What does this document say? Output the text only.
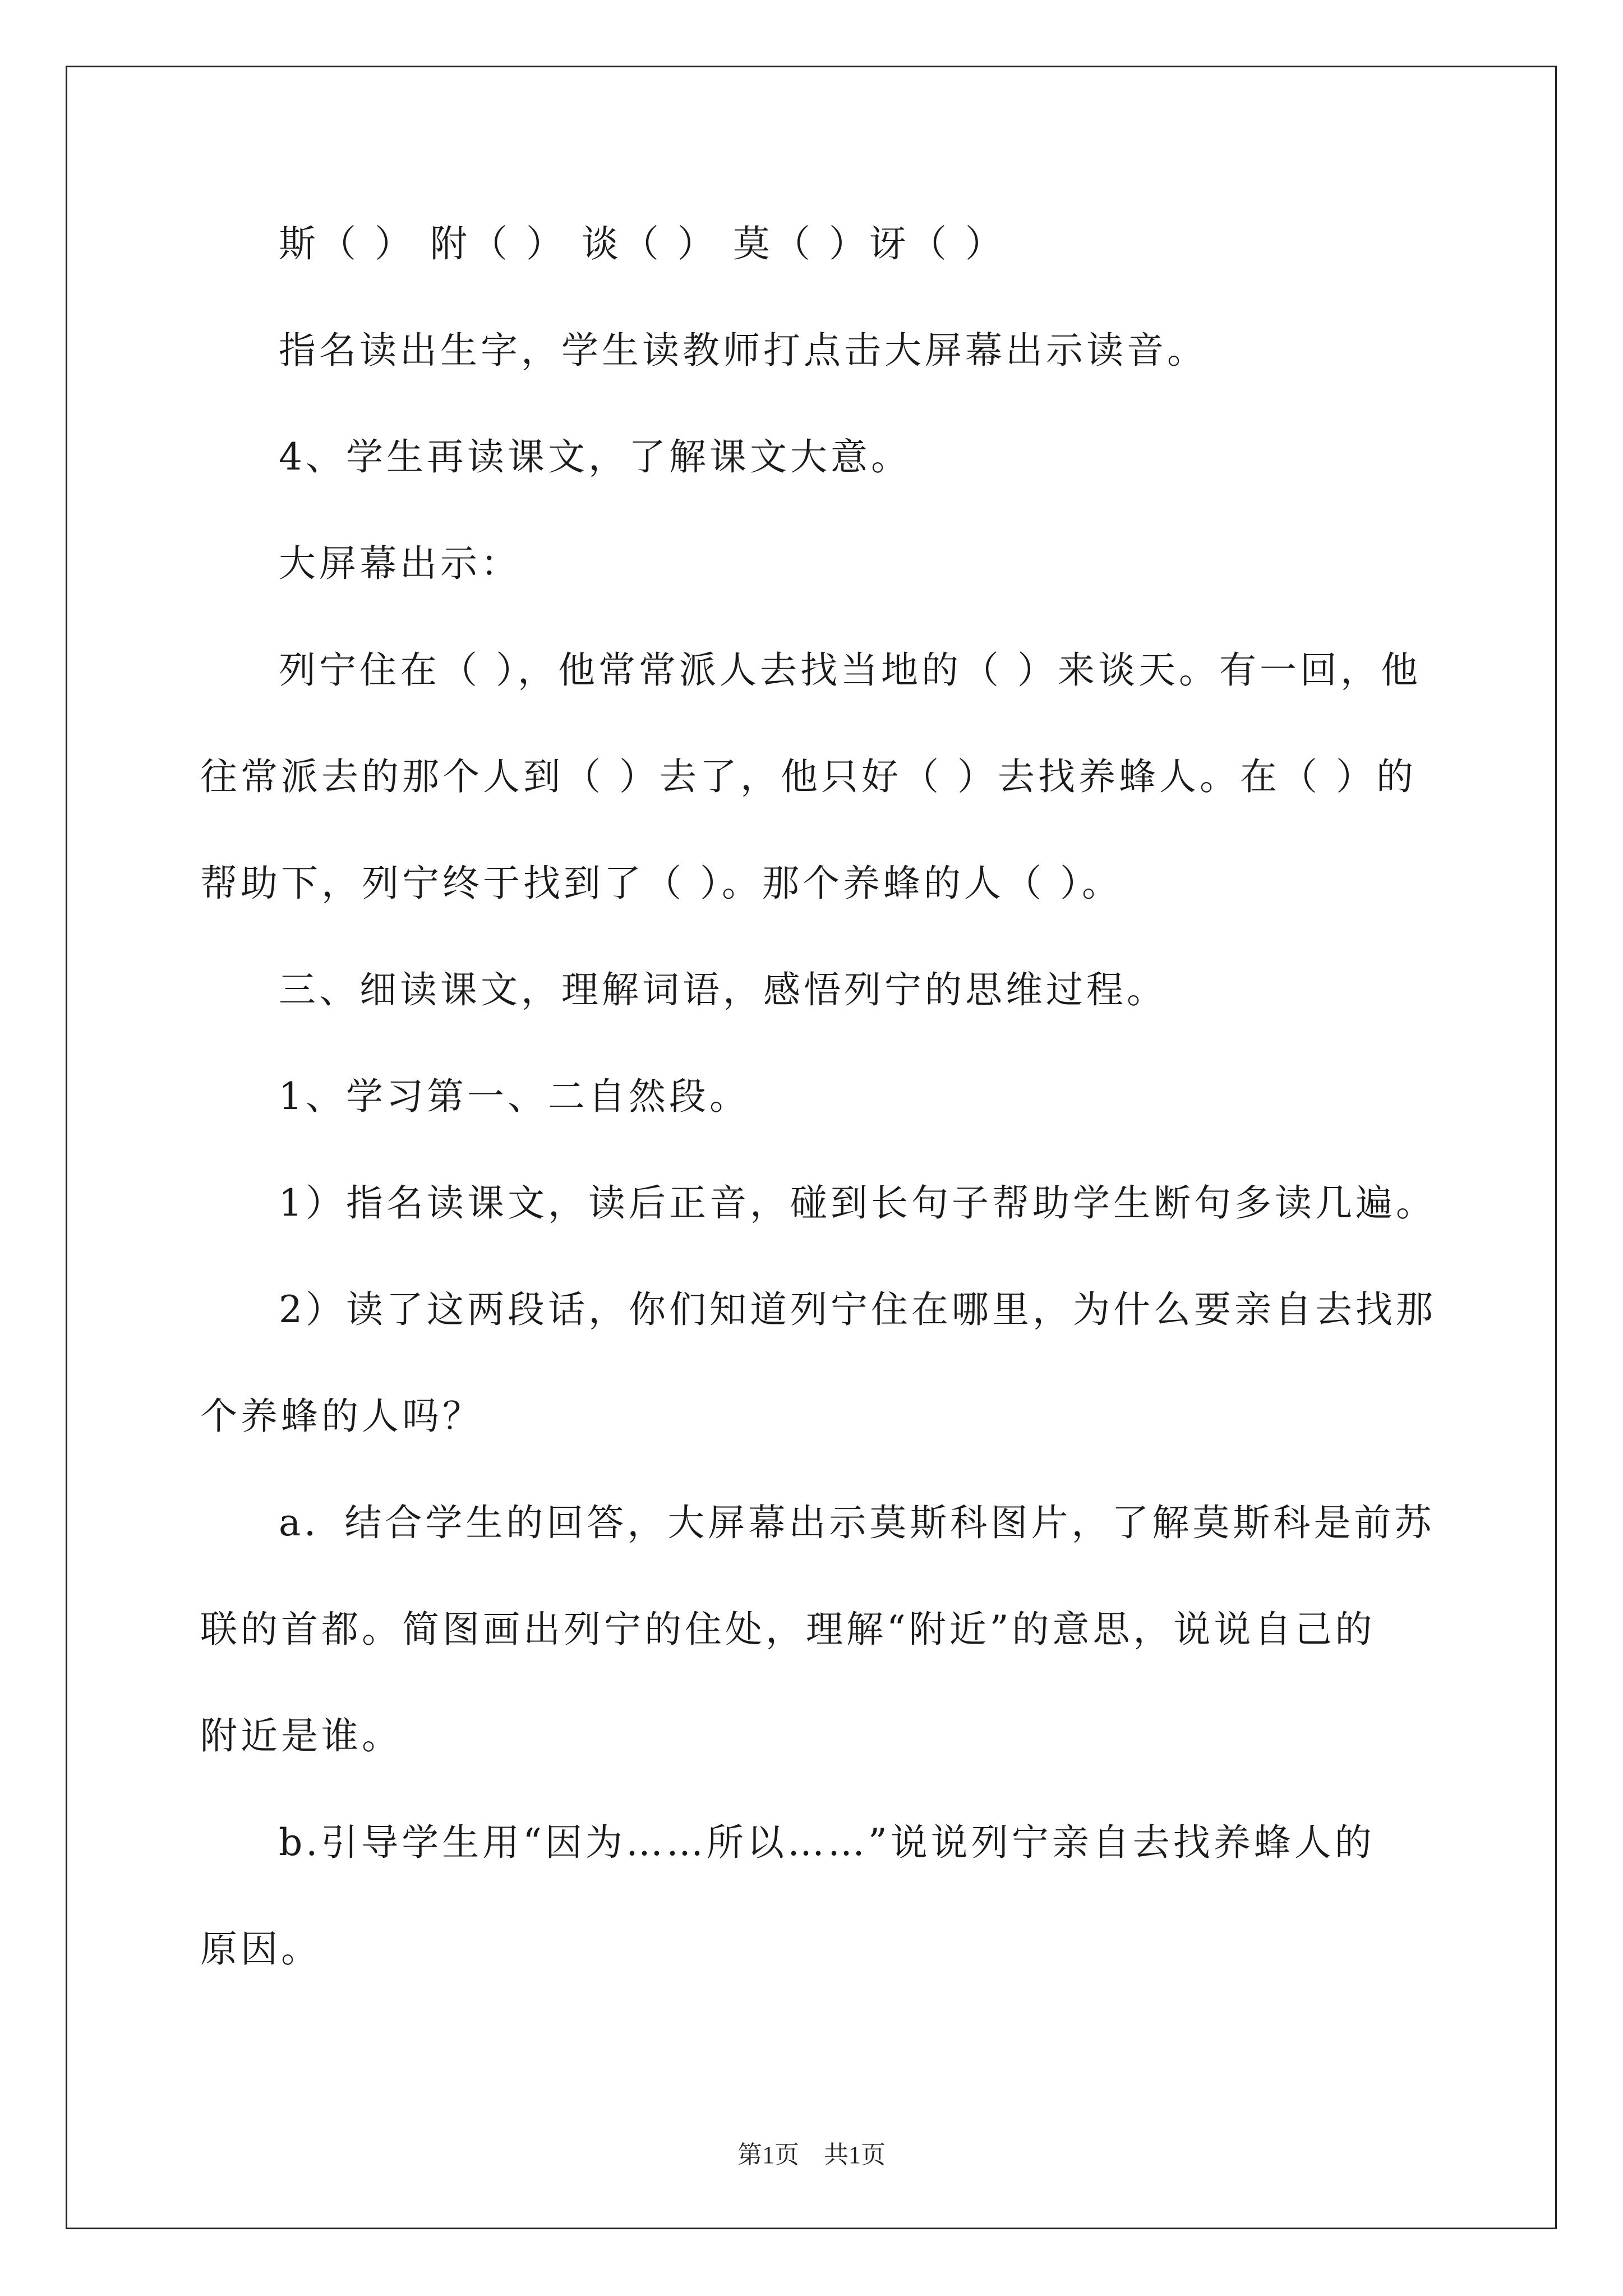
斯（ ） 附（ ） 谈（ ） 莫（ ）讶（ ）
指名读出生字，学生读教师打点击大屏幕出示读音。
4、学生再读课文，了解课文大意。
大屏幕出示：
列宁住在（ ），他常常派人去找当地的（ ）来谈天。有一回，他
往常派去的那个人到（ ）去了，他只好（ ）去找养蜂人。在（ ）的
帮助下，列宁终于找到了（ ）。那个养蜂的人（ ）。
三、细读课文，理解词语，感悟列宁的思维过程。
1、学习第一、二自然段。
1）指名读课文，读后正音，碰到长句子帮助学生断句多读几遍。
2）读了这两段话，你们知道列宁住在哪里，为什么要亲自去找那
个养蜂的人吗？
a．结合学生的回答，大屏幕出示莫斯科图片，了解莫斯科是前苏
联的首都。简图画出列宁的住处，理解“附近”的意思，说说自己的
附近是谁。
b.引导学生用“因为……所以……”说说列宁亲自去找养蜂人的
原因。
第1页　共1页
